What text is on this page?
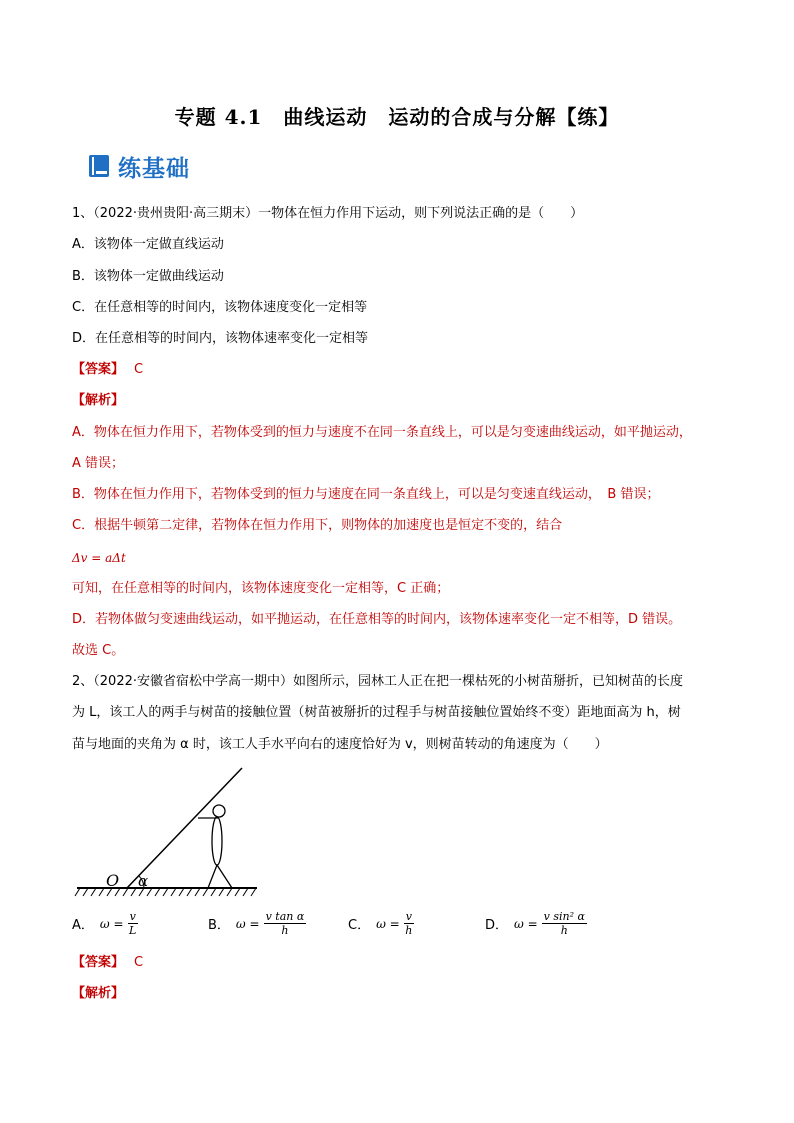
专题 4.1　曲线运动　运动的合成与分解【练】
练基础
1、（2022·贵州贵阳·高三期末）一物体在恒力作用下运动，则下列说法正确的是（　　）
A．该物体一定做直线运动
B．该物体一定做曲线运动
C．在任意相等的时间内，该物体速度变化一定相等
D．在任意相等的时间内，该物体速率变化一定相等
【答案】 C
【解析】
A．物体在恒力作用下，若物体受到的恒力与速度不在同一条直线上，可以是匀变速曲线运动，如平抛运动，
A 错误；
B．物体在恒力作用下，若物体受到的恒力与速度在同一条直线上，可以是匀变速直线运动，　B 错误；
C．根据牛顿第二定律，若物体在恒力作用下，则物体的加速度也是恒定不变的，结合
Δv = aΔt
可知，在任意相等的时间内，该物体速度变化一定相等，C 正确；
D．若物体做匀变速曲线运动，如平抛运动，在任意相等的时间内，该物体速率变化一定不相等，D 错误。
故选 C。
2、（2022·安徽省宿松中学高一期中）如图所示，园林工人正在把一棵枯死的小树苗掰折，已知树苗的长度
为 L，该工人的两手与树苗的接触位置（树苗被掰折的过程手与树苗接触位置始终不变）距地面高为 h，树
苗与地面的夹角为 α 时，该工人手水平向右的速度恰好为 v，则树苗转动的角速度为（　　）
O α
A． $\omega = \frac{v}{L}$	B． $\omega = \frac{\text{v tan α}}{h}$	C． $\omega = \frac{v}{h}$	D． $\omega = \frac{\text{v sin² α}}{h}$
【答案】 C
【解析】
